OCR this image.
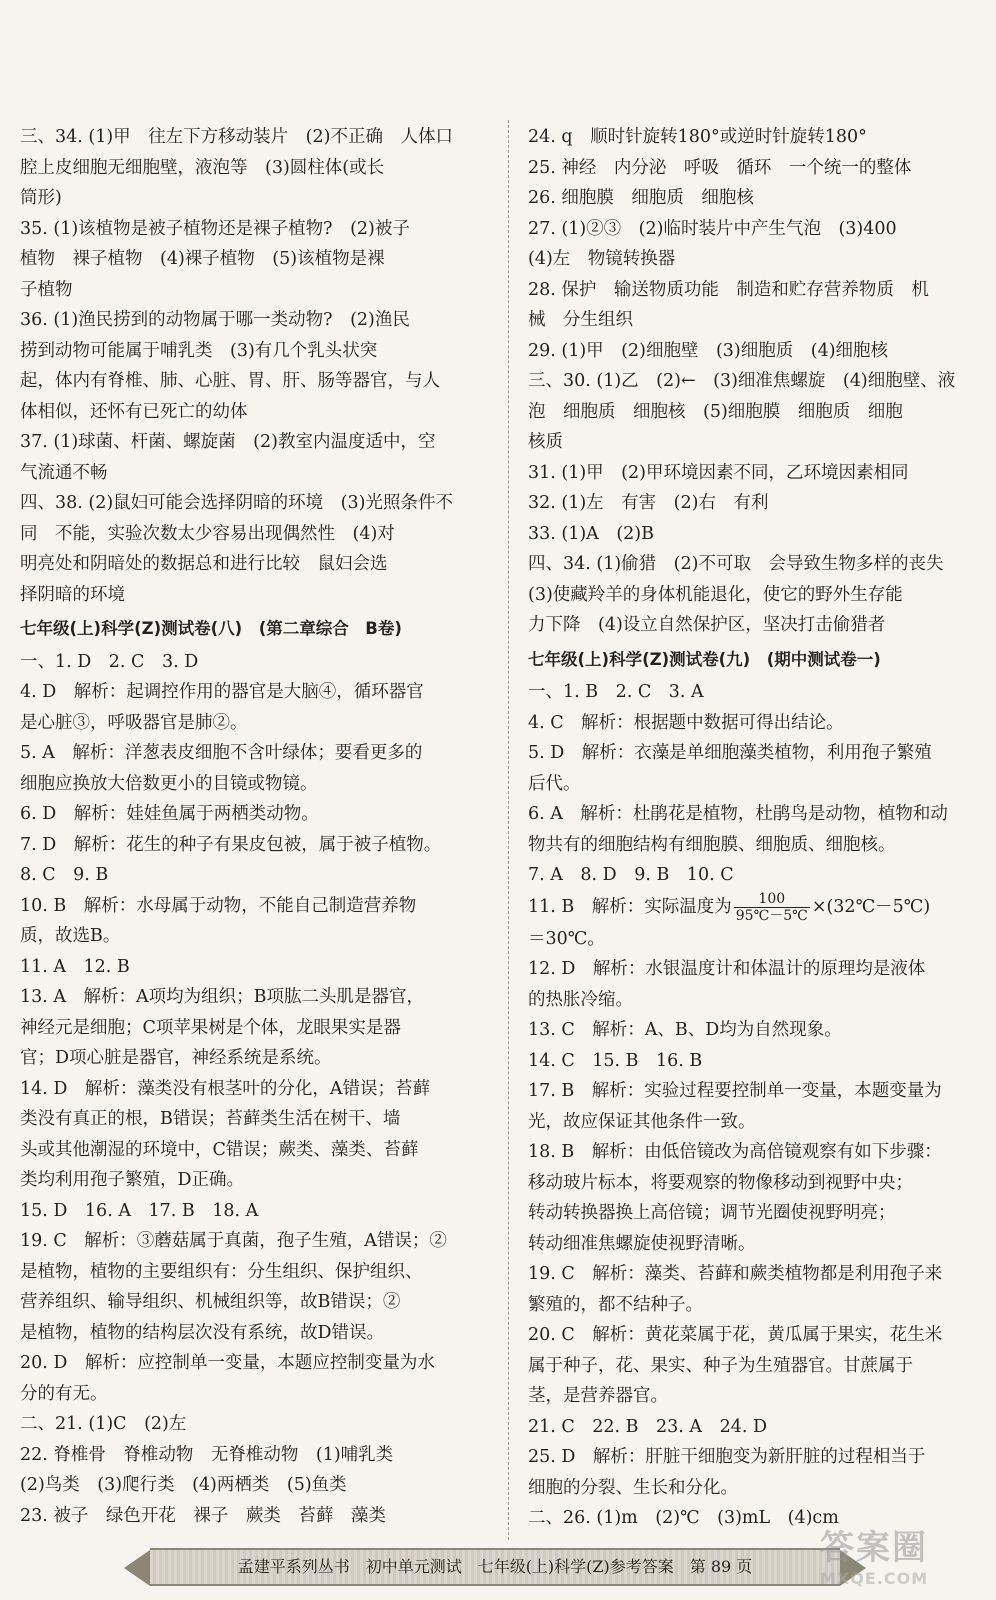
三、34. (1)甲　往左下方移动装片　(2)不正确　人体口
腔上皮细胞无细胞壁，液泡等　(3)圆柱体(或长
筒形)
35. (1)该植物是被子植物还是裸子植物?　(2)被子
植物　裸子植物　(4)裸子植物　(5)该植物是裸
子植物
36. (1)渔民捞到的动物属于哪一类动物?　(2)渔民
捞到动物可能属于哺乳类　(3)有几个乳头状突
起，体内有脊椎、肺、心脏、胃、肝、肠等器官，与人
体相似，还怀有已死亡的幼体
37. (1)球菌、杆菌、螺旋菌　(2)教室内温度适中，空
气流通不畅
四、38. (2)鼠妇可能会选择阴暗的环境　(3)光照条件不
同　不能，实验次数太少容易出现偶然性　(4)对
明亮处和阴暗处的数据总和进行比较　鼠妇会选
择阴暗的环境
七年级(上)科学(Z)测试卷(八)　(第二章综合　B卷)
一、1. D　2. C　3. D
4. D　解析：起调控作用的器官是大脑④，循环器官
是心脏③，呼吸器官是肺②。
5. A　解析：洋葱表皮细胞不含叶绿体；要看更多的
细胞应换放大倍数更小的目镜或物镜。
6. D　解析：娃娃鱼属于两栖类动物。
7. D　解析：花生的种子有果皮包被，属于被子植物。
8. C　9. B
10. B　解析：水母属于动物，不能自己制造营养物
质，故选B。
11. A　12. B
13. A　解析：A项均为组织；B项肱二头肌是器官，
神经元是细胞；C项苹果树是个体，龙眼果实是器
官；D项心脏是器官，神经系统是系统。
14. D　解析：藻类没有根茎叶的分化，A错误；苔藓
类没有真正的根，B错误；苔藓类生活在树干、墙
头或其他潮湿的环境中，C错误；蕨类、藻类、苔藓
类均利用孢子繁殖，D正确。
15. D　16. A　17. B　18. A
19. C　解析：③蘑菇属于真菌，孢子生殖，A错误；②
是植物，植物的主要组织有：分生组织、保护组织、
营养组织、输导组织、机械组织等，故B错误；②
是植物，植物的结构层次没有系统，故D错误。
20. D　解析：应控制单一变量，本题应控制变量为水
分的有无。
二、21. (1)C　(2)左
22. 脊椎骨　脊椎动物　无脊椎动物　(1)哺乳类
(2)鸟类　(3)爬行类　(4)两栖类　(5)鱼类
23. 被子　绿色开花　裸子　蕨类　苔藓　藻类
24. q　顺时针旋转180°或逆时针旋转180°
25. 神经　内分泌　呼吸　循环　一个统一的整体
26. 细胞膜　细胞质　细胞核
27. (1)②③　(2)临时装片中产生气泡　(3)400
(4)左　物镜转换器
28. 保护　输送物质功能　制造和贮存营养物质　机
械　分生组织
29. (1)甲　(2)细胞壁　(3)细胞质　(4)细胞核
三、30. (1)乙　(2)←　(3)细准焦螺旋　(4)细胞壁、液
泡　细胞质　细胞核　(5)细胞膜　细胞质　细胞
核质
31. (1)甲　(2)甲环境因素不同，乙环境因素相同
32. (1)左　有害　(2)右　有利
33. (1)A　(2)B
四、34. (1)偷猎　(2)不可取　会导致生物多样的丧失
(3)使藏羚羊的身体机能退化，使它的野外生存能
力下降　(4)设立自然保护区，坚决打击偷猎者
七年级(上)科学(Z)测试卷(九)　(期中测试卷一)
一、1. B　2. C　3. A
4. C　解析：根据题中数据可得出结论。
5. D　解析：衣藻是单细胞藻类植物，利用孢子繁殖
后代。
6. A　解析：杜鹃花是植物，杜鹃鸟是动物，植物和动
物共有的细胞结构有细胞膜、细胞质、细胞核。
7. A　8. D　9. B　10. C
11. B　解析：实际温度为 $\frac{100}{95℃-5℃}$ ×(32℃－5℃)
＝30℃。
12. D　解析：水银温度计和体温计的原理均是液体
的热胀冷缩。
13. C　解析：A、B、D均为自然现象。
14. C　15. B　16. B
17. B　解析：实验过程要控制单一变量，本题变量为
光，故应保证其他条件一致。
18. B　解析：由低倍镜改为高倍镜观察有如下步骤：
移动玻片标本，将要观察的物像移动到视野中央；
转动转换器换上高倍镜；调节光圈使视野明亮；
转动细准焦螺旋使视野清晰。
19. C　解析：藻类、苔藓和蕨类植物都是利用孢子来
繁殖的，都不结种子。
20. C　解析：黄花菜属于花，黄瓜属于果实，花生米
属于种子，花、果实、种子为生殖器官。甘蔗属于
茎，是营养器官。
21. C　22. B　23. A　24. D
25. D　解析：肝脏干细胞变为新肝脏的过程相当于
细胞的分裂、生长和分化。
二、26. (1)m　(2)℃　(3)mL　(4)cm
孟建平系列丛书　初中单元测试　七年级(上)科学(Z)参考答案　第 89 页	答案圈
MXQE.COM
